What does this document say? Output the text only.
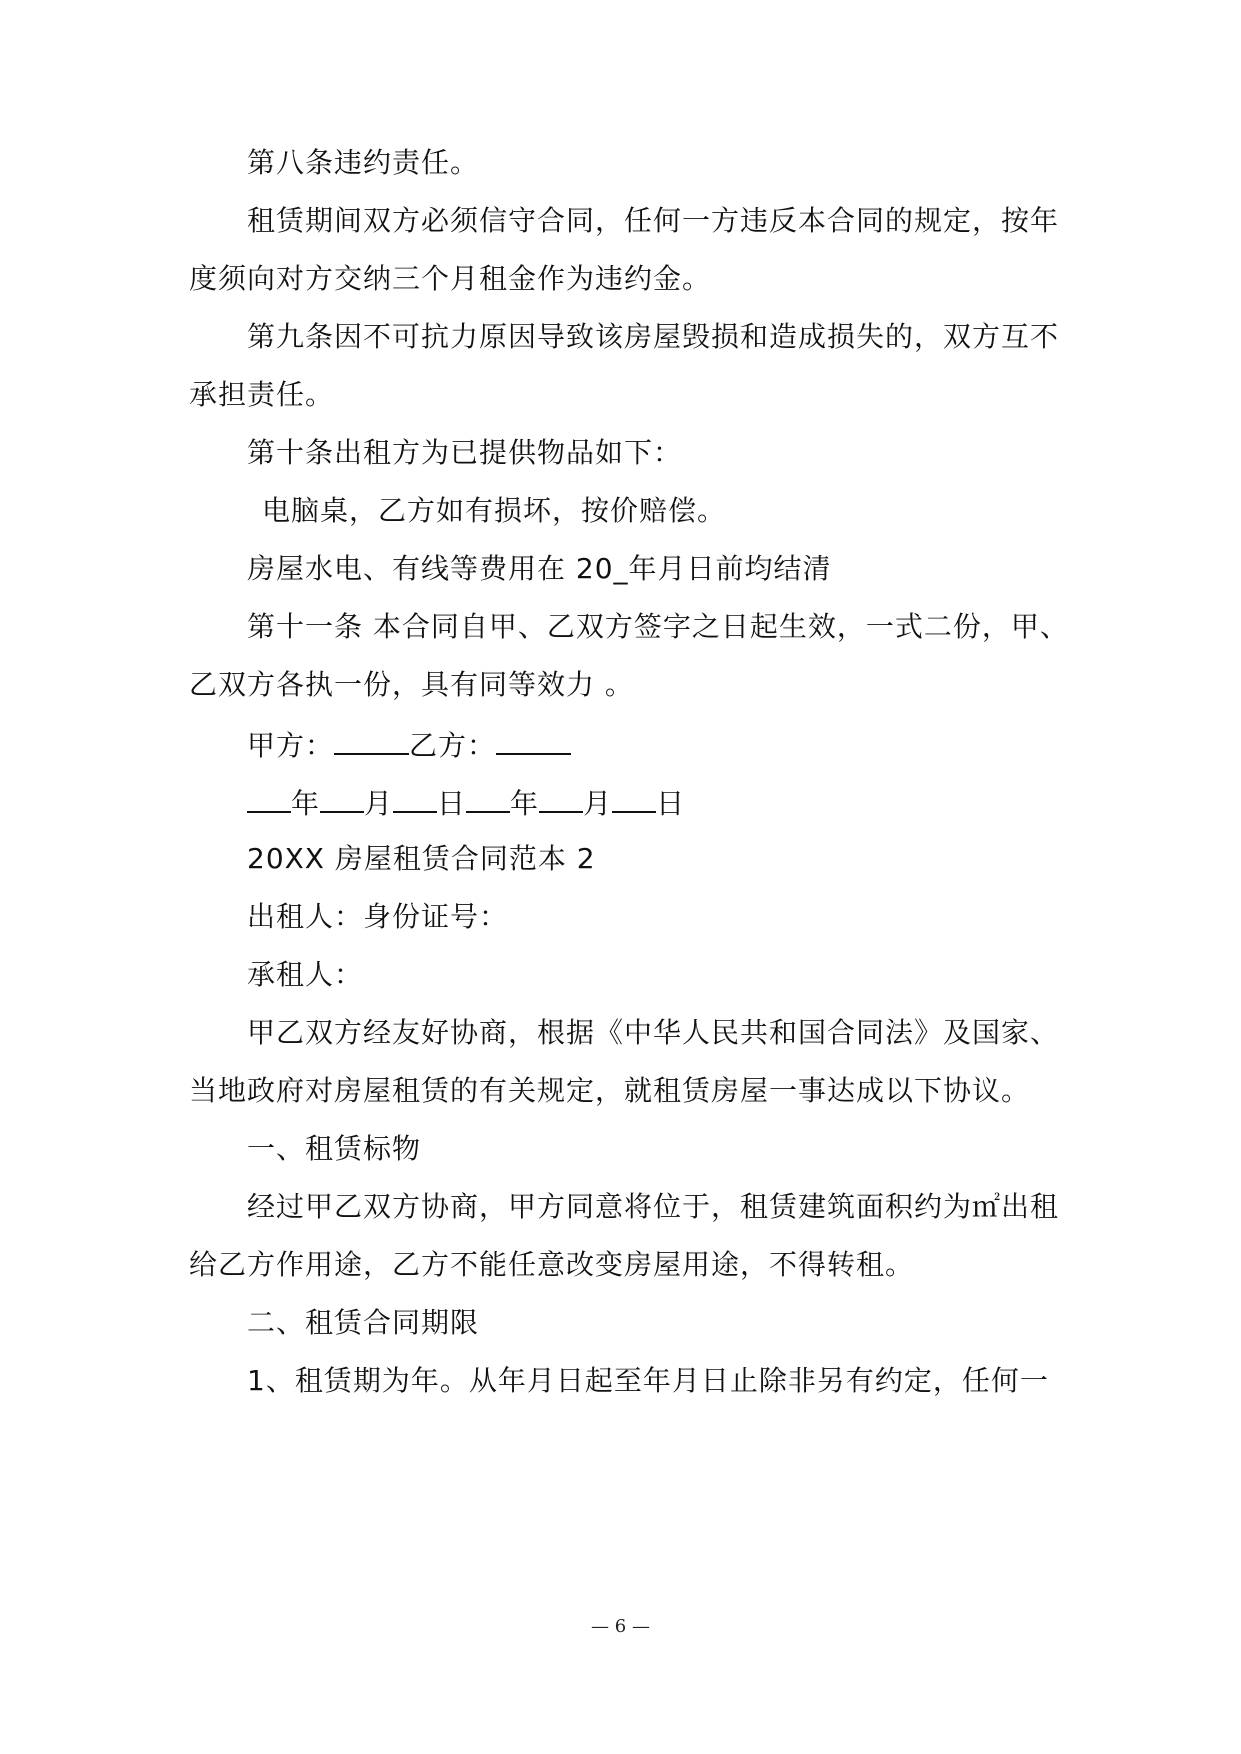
第八条违约责任。
租赁期间双方必须信守合同，任何一方违反本合同的规定，按年
度须向对方交纳三个月租金作为违约金。
第九条因不可抗力原因导致该房屋毁损和造成损失的，双方互不
承担责任。
第十条出租方为已提供物品如下：
电脑桌，乙方如有损坏，按价赔偿。
房屋水电、有线等费用在 20_年月日前均结清
第十一条 本合同自甲、乙双方签字之日起生效，一式二份，甲、
乙双方各执一份，具有同等效力 。
甲方：	乙方：
年 月 日 年 月 日
20XX 房屋租赁合同范本 2
出租人：身份证号：
承租人：
甲乙双方经友好协商，根据《中华人民共和国合同法》及国家、
当地政府对房屋租赁的有关规定，就租赁房屋一事达成以下协议。
一、租赁标物
经过甲乙双方协商，甲方同意将位于，租赁建筑面积约为㎡出租
给乙方作用途，乙方不能任意改变房屋用途，不得转租。
二、租赁合同期限
1、租赁期为年。从年月日起至年月日止除非另有约定，任何一
— 6 —
